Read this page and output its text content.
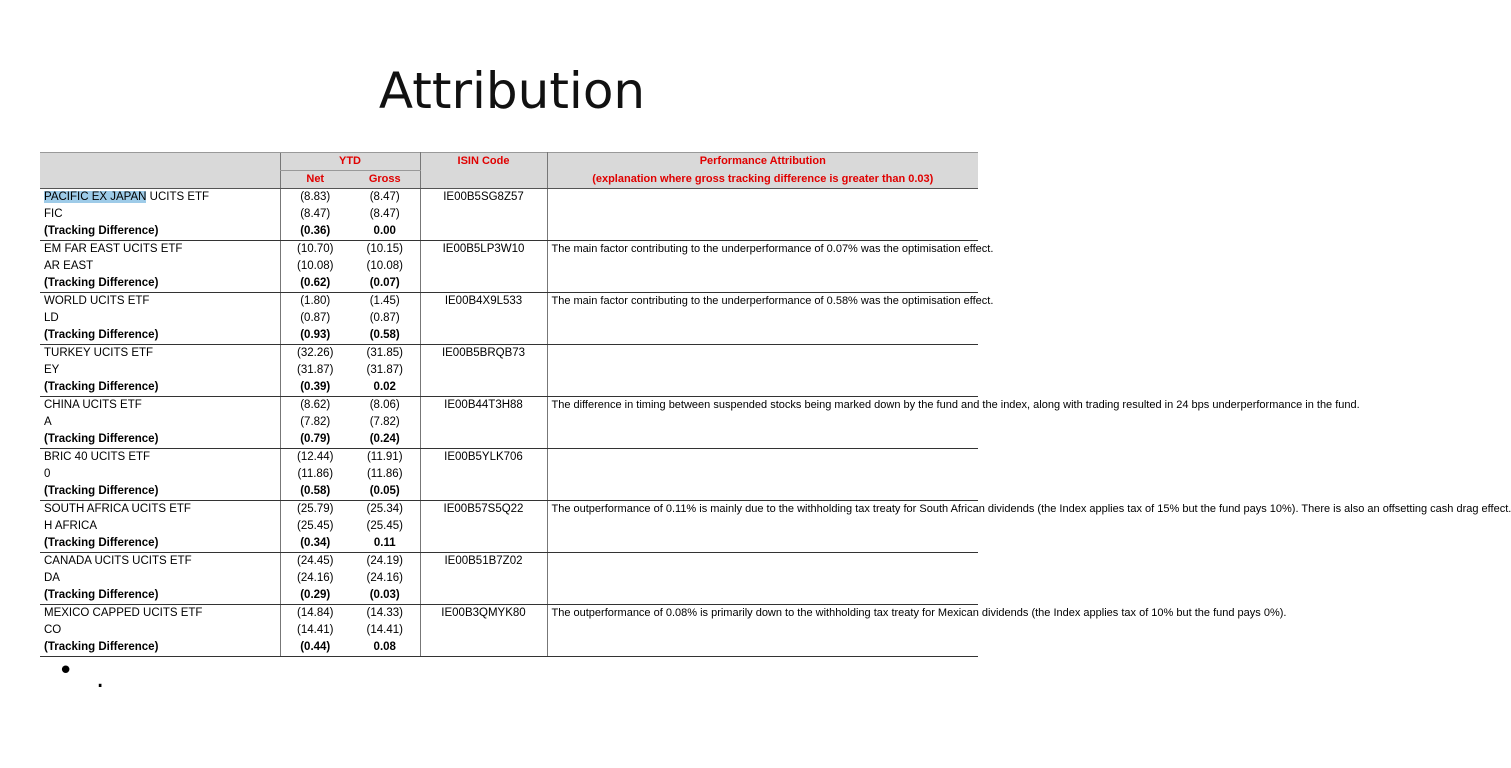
Attribution
	YTD		ISIN Code	Performance Attribution
	Net	Gross		(explanation where gross tracking difference is greater than 0.03)
PACIFIC EX JAPAN UCITS ETF	(8.83)	(8.47)	IE00B5SG8Z57	
FIC	(8.47)	(8.47)		
(Tracking Difference)	(0.36)	0.00		
EM FAR EAST UCITS ETF	(10.70)	(10.15)	IE00B5LP3W10	The main factor contributing to the underperformance of 0.07% was the optimisation effect.
AR EAST	(10.08)	(10.08)		
(Tracking Difference)	(0.62)	(0.07)		
WORLD UCITS ETF	(1.80)	(1.45)	IE00B4X9L533	The main factor contributing to the underperformance of 0.58% was the optimisation effect.
LD	(0.87)	(0.87)		
(Tracking Difference)	(0.93)	(0.58)		
TURKEY UCITS ETF	(32.26)	(31.85)	IE00B5BRQB73	
EY	(31.87)	(31.87)		
(Tracking Difference)	(0.39)	0.02		
CHINA UCITS ETF	(8.62)	(8.06)	IE00B44T3H88	The difference in timing between suspended stocks being marked down by the fund and the index, along with trading resulted in 24 bps underperformance in the fund.
A	(7.82)	(7.82)		
(Tracking Difference)	(0.79)	(0.24)		
BRIC 40 UCITS ETF	(12.44)	(11.91)	IE00B5YLK706	
0	(11.86)	(11.86)		
(Tracking Difference)	(0.58)	(0.05)		
SOUTH AFRICA UCITS ETF	(25.79)	(25.34)	IE00B57S5Q22	The outperformance of 0.11% is mainly due to the withholding tax treaty for South African dividends (the Index applies tax of 15% but the fund pays 10%). There is also an offsetting cash drag effect.
H AFRICA	(25.45)	(25.45)		
(Tracking Difference)	(0.34)	0.11		
CANADA UCITS UCITS ETF	(24.45)	(24.19)	IE00B51B7Z02	
DA	(24.16)	(24.16)		
(Tracking Difference)	(0.29)	(0.03)		
MEXICO CAPPED UCITS ETF	(14.84)	(14.33)	IE00B3QMYK80	The outperformance of 0.08% is primarily down to the withholding tax treaty for Mexican dividends (the Index applies tax of 10% but the fund pays 0%).
CO	(14.41)	(14.41)		
(Tracking Difference)	(0.44)	0.08		
• .
